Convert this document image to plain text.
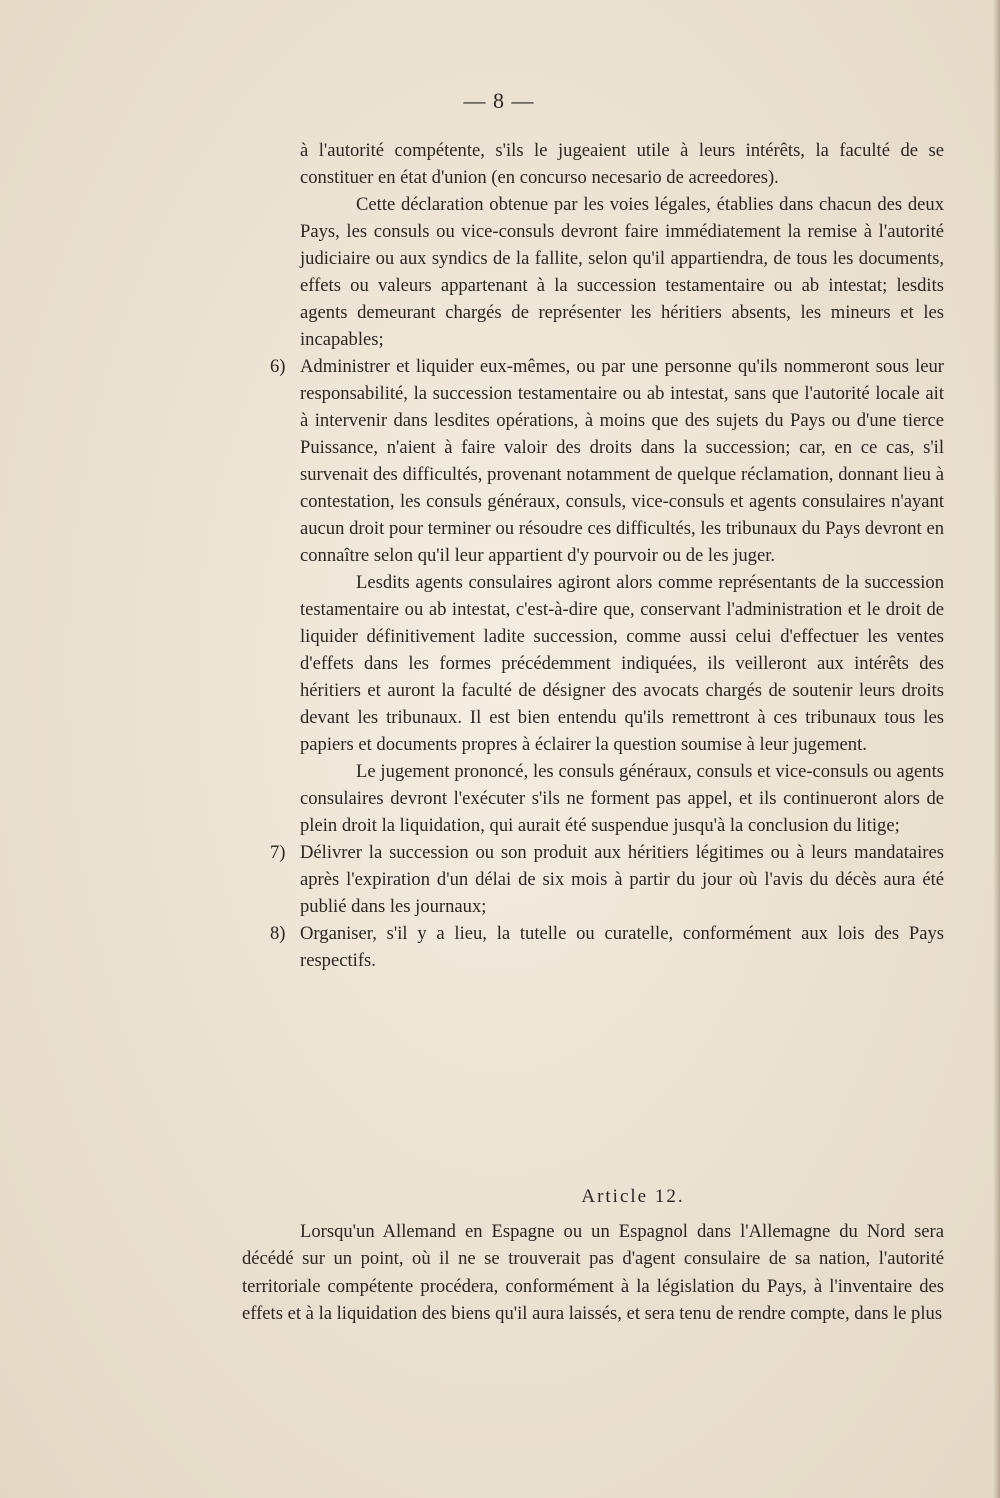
— 8 —

à l'autorité compétente, s'ils le jugeaient utile à leurs intérêts, la faculté de se constituer en état d'union (en concurso necesario de acreedores).

Cette déclaration obtenue par les voies légales, établies dans chacun des deux Pays, les consuls ou vice-consuls devront faire immédiatement la remise à l'autorité judiciaire ou aux syndics de la fallite, selon qu'il appartiendra, de tous les documents, effets ou valeurs appartenant à la succession testamentaire ou ab intestat; lesdits agents demeurant chargés de représenter les héritiers absents, les mineurs et les incapables;

6) Administrer et liquider eux-mêmes, ou par une personne qu'ils nommeront sous leur responsabilité, la succession testamentaire ou ab intestat, sans que l'autorité locale ait à intervenir dans lesdites opérations, à moins que des sujets du Pays ou d'une tierce Puissance, n'aient à faire valoir des droits dans la succession; car, en ce cas, s'il survenait des difficultés, provenant notamment de quelque réclamation, donnant lieu à contestation, les consuls généraux, consuls, vice-consuls et agents consulaires n'ayant aucun droit pour terminer ou résoudre ces difficultés, les tribunaux du Pays devront en connaître selon qu'il leur appartient d'y pourvoir ou de les juger.

Lesdits agents consulaires agiront alors comme représentants de la succession testamentaire ou ab intestat, c'est-à-dire que, conservant l'administration et le droit de liquider définitivement ladite succession, comme aussi celui d'effectuer les ventes d'effets dans les formes précédemment indiquées, ils veilleront aux intérêts des héritiers et auront la faculté de désigner des avocats chargés de soutenir leurs droits devant les tribunaux. Il est bien entendu qu'ils remettront à ces tribunaux tous les papiers et documents propres à éclairer la question soumise à leur jugement.

Le jugement prononcé, les consuls généraux, consuls et vice-consuls ou agents consulaires devront l'exécuter s'ils ne forment pas appel, et ils continueront alors de plein droit la liquidation, qui aurait été suspendue jusqu'à la conclusion du litige;

7) Délivrer la succession ou son produit aux héritiers légitimes ou à leurs mandataires après l'expiration d'un délai de six mois à partir du jour où l'avis du décès aura été publié dans les journaux;

8) Organiser, s'il y a lieu, la tutelle ou curatelle, conformément aux lois des Pays respectifs.

Article 12.

Lorsqu'un Allemand en Espagne ou un Espagnol dans l'Allemagne du Nord sera décédé sur un point, où il ne se trouverait pas d'agent consulaire de sa nation, l'autorité territoriale compétente procédera, conformément à la législation du Pays, à l'inventaire des effets et à la liquidation des biens qu'il aura laissés, et sera tenu de rendre compte, dans le plus
